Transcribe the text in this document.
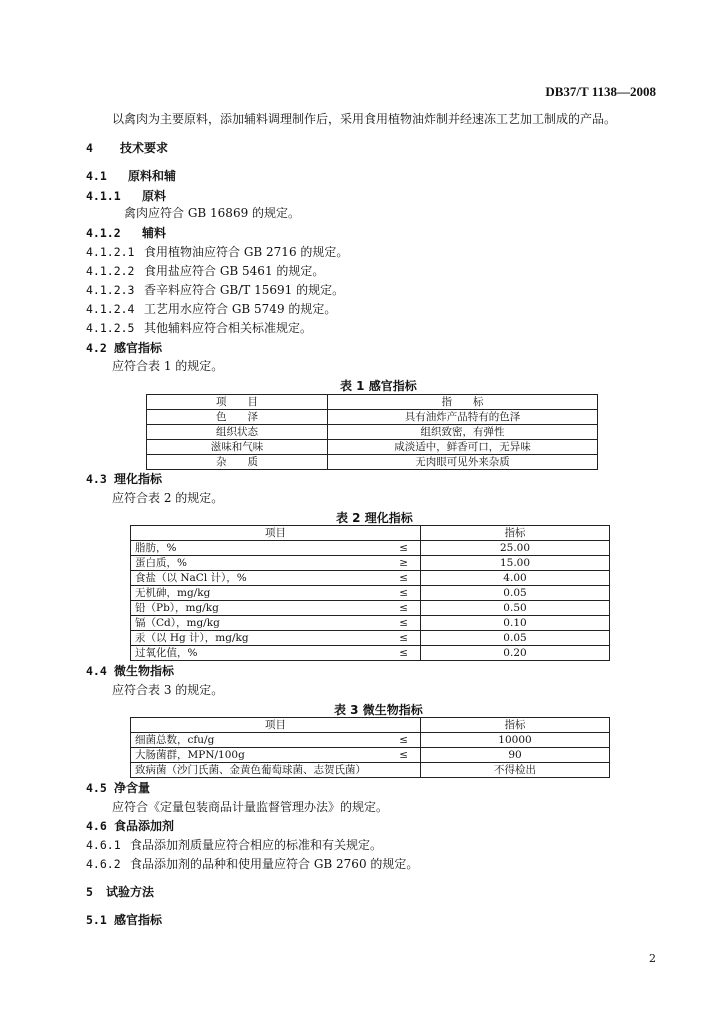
DB37/T 1138—2008
以禽肉为主要原料，添加辅料调理制作后，采用食用植物油炸制并经速冻工艺加工制成的产品。
4 技术要求
4.1 原料和辅
4.1.1 原料
禽肉应符合 GB 16869 的规定。
4.1.2 辅料
4.1.2.1 食用植物油应符合 GB 2716 的规定。
4.1.2.2 食用盐应符合 GB 5461 的规定。
4.1.2.3 香辛料应符合 GB/T 15691 的规定。
4.1.2.4 工艺用水应符合 GB 5749 的规定。
4.1.2.5 其他辅料应符合相关标准规定。
4.2 感官指标
应符合表 1 的规定。
表 1 感官指标
项　　目	指　　标
色　　泽	具有油炸产品特有的色泽
组织状态	组织致密，有弹性
滋味和气味	咸淡适中，鲜香可口，无异味
杂　　质	无肉眼可见外来杂质
4.3 理化指标
应符合表 2 的规定。
表 2 理化指标
项目		指标
脂肪，%	≤	25.00
蛋白质，%	≥	15.00
食盐（以 NaCl 计），%	≤	4.00
无机砷，mg/kg	≤	0.05
铅（Pb），mg/kg	≤	0.50
镉（Cd），mg/kg	≤	0.10
汞（以 Hg 计），mg/kg	≤	0.05
过氧化值，%	≤	0.20
4.4 微生物指标
应符合表 3 的规定。
表 3 微生物指标
项目		指标
细菌总数，cfu/g	≤	10000
大肠菌群，MPN/100g	≤	90
致病菌（沙门氏菌、金黄色葡萄球菌、志贺氏菌）		不得检出
4.5 净含量
应符合《定量包装商品计量监督管理办法》的规定。
4.6 食品添加剂
4.6.1 食品添加剂质量应符合相应的标准和有关规定。
4.6.2 食品添加剂的品种和使用量应符合 GB 2760 的规定。
5 试验方法
5.1 感官指标
2
